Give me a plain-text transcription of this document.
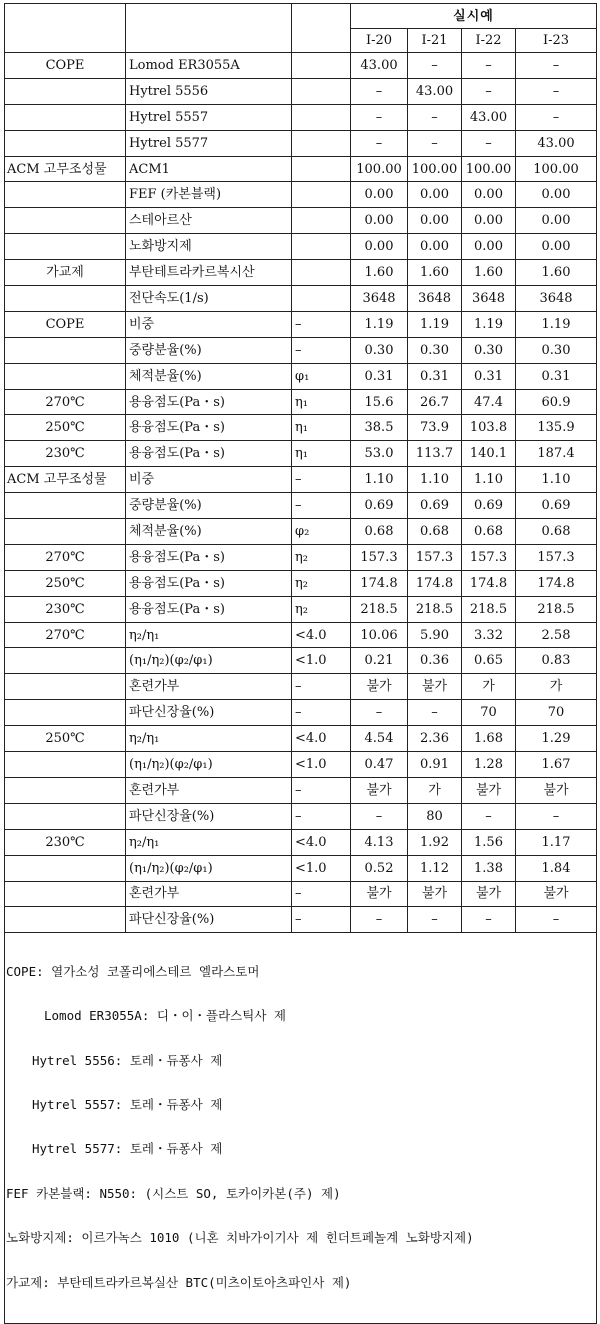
			실시예			
			I-20	I-21	I-22	I-23
COPE	Lomod ER3055A		43.00	–	–	–
	Hytrel 5556		–	43.00	–	–
	Hytrel 5557		–	–	43.00	–
	Hytrel 5577		–	–	–	43.00
ACM 고무조성물	ACM1		100.00	100.00	100.00	100.00
	FEF (카본블랙)		0.00	0.00	0.00	0.00
	스테아르산		0.00	0.00	0.00	0.00
	노화방지제		0.00	0.00	0.00	0.00
가교제	부탄테트라카르복시산		1.60	1.60	1.60	1.60
	전단속도(1/s)		3648	3648	3648	3648
COPE	비중	–	1.19	1.19	1.19	1.19
	중량분율(%)	–	0.30	0.30	0.30	0.30
	체적분율(%)	φ₁	0.31	0.31	0.31	0.31
270℃	용융점도(Pa・s)	η₁	15.6	26.7	47.4	60.9
250℃	용융점도(Pa・s)	η₁	38.5	73.9	103.8	135.9
230℃	용융점도(Pa・s)	η₁	53.0	113.7	140.1	187.4
ACM 고무조성물	비중	–	1.10	1.10	1.10	1.10
	중량분율(%)	–	0.69	0.69	0.69	0.69
	체적분율(%)	φ₂	0.68	0.68	0.68	0.68
270℃	용융점도(Pa・s)	η₂	157.3	157.3	157.3	157.3
250℃	용융점도(Pa・s)	η₂	174.8	174.8	174.8	174.8
230℃	용융점도(Pa・s)	η₂	218.5	218.5	218.5	218.5
270℃	η₂/η₁	<4.0	10.06	5.90	3.32	2.58
	(η₁/η₂)(φ₂/φ₁)	<1.0	0.21	0.36	0.65	0.83
	혼련가부	–	불가	불가	가	가
	파단신장율(%)	–	–	–	70	70
250℃	η₂/η₁	<4.0	4.54	2.36	1.68	1.29
	(η₁/η₂)(φ₂/φ₁)	<1.0	0.47	0.91	1.28	1.67
	혼련가부	–	불가	가	불가	불가
	파단신장율(%)	–	–	80	–	–
230℃	η₂/η₁	<4.0	4.13	1.92	1.56	1.17
	(η₁/η₂)(φ₂/φ₁)	<1.0	0.52	1.12	1.38	1.84
	혼련가부	–	불가	불가	불가	불가
	파단신장율(%)	–	–	–	–	–

COPE: 열가소성 코폴리에스테르 엘라스토머

Lomod ER3055A: 디・이・플라스틱사 제

Hytrel 5556: 토레・듀퐁사 제

Hytrel 5557: 토레・듀퐁사 제

Hytrel 5577: 토레・듀퐁사 제

FEF 카본블랙: N550: (시스트 SO, 토카이카본(주) 제)

노화방지제: 이르가녹스 1010 (니혼 치바가이기사 제 힌더트페놀계 노화방지제)

가교제: 부탄테트라카르복실산 BTC(미츠이토아츠파인사 제)
